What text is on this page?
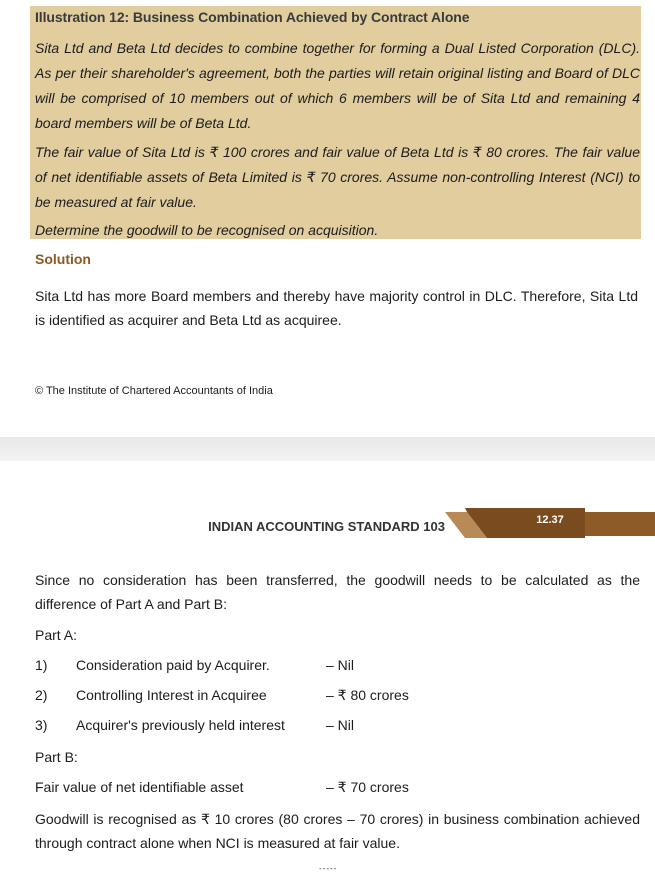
Illustration 12: Business Combination Achieved by Contract Alone
Sita Ltd and Beta Ltd decides to combine together for forming a Dual Listed Corporation (DLC). As per their shareholder's agreement, both the parties will retain original listing and Board of DLC will be comprised of 10 members out of which 6 members will be of Sita Ltd and remaining 4 board members will be of Beta Ltd.
The fair value of Sita Ltd is ₹ 100 crores and fair value of Beta Ltd is ₹ 80 crores. The fair value of net identifiable assets of Beta Limited is ₹ 70 crores. Assume non-controlling Interest (NCI) to be measured at fair value.
Determine the goodwill to be recognised on acquisition.
Solution
Sita Ltd has more Board members and thereby have majority control in DLC. Therefore, Sita Ltd is identified as acquirer and Beta Ltd as acquiree.
© The Institute of Chartered Accountants of India
INDIAN ACCOUNTING STANDARD 103	12.37
Since no consideration has been transferred, the goodwill needs to be calculated as the difference of Part A and Part B:
Part A:
1) Consideration paid by Acquirer.	– Nil
2) Controlling Interest in Acquiree	– ₹ 80 crores
3) Acquirer's previously held interest	– Nil
Part B:
Fair value of net identifiable asset	– ₹ 70 crores
Goodwill is recognised as ₹ 10 crores (80 crores – 70 crores) in business combination achieved through contract alone when NCI is measured at fair value.
-----
